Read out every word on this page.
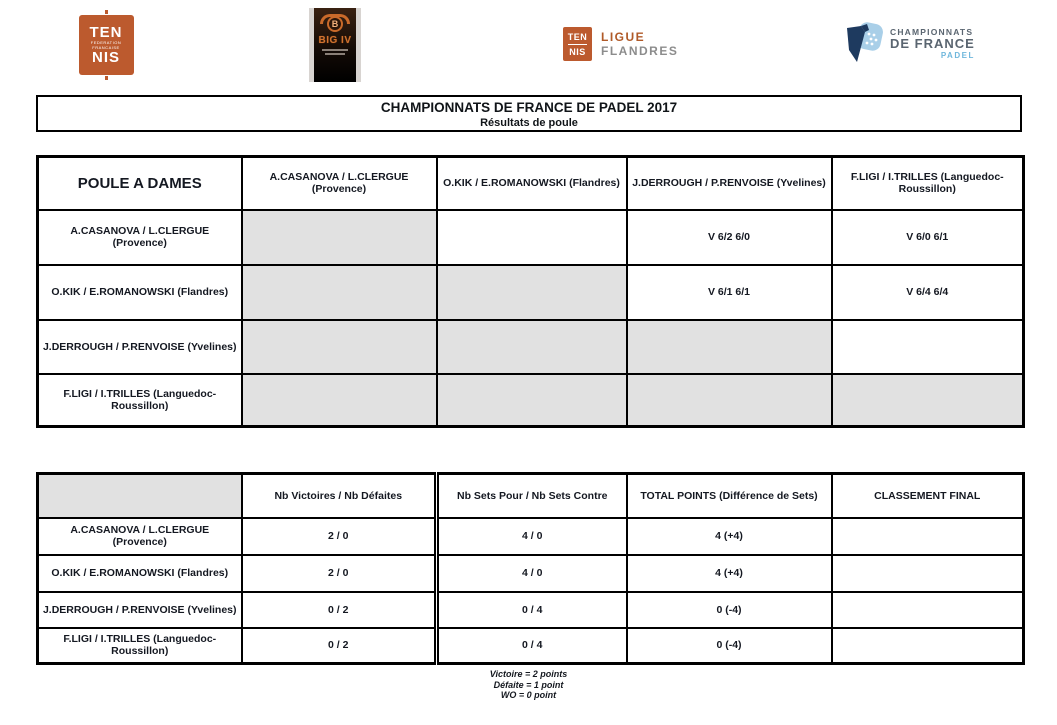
TEN
FEDERATION
FRANCAISE
NIS
B
BIG IV	TEN
NIS
LIGUE
FLANDRES
CHAMPIONNATS
DE FRANCE
PADEL
CHAMPIONNATS DE FRANCE DE PADEL 2017
Résultats de poule
POULE A DAMES	A.CASANOVA / L.CLERGUE (Provence)	O.KIK / E.ROMANOWSKI (Flandres)	J.DERROUGH / P.RENVOISE (Yvelines)	F.LIGI / I.TRILLES (Languedoc-Roussillon)
A.CASANOVA / L.CLERGUE (Provence)			V 6/2 6/0	V 6/0 6/1
O.KIK / E.ROMANOWSKI (Flandres)			V 6/1 6/1	V 6/4 6/4
J.DERROUGH / P.RENVOISE (Yvelines)				
F.LIGI / I.TRILLES (Languedoc-Roussillon)				
	Nb Victoires / Nb Défaites	Nb Sets Pour / Nb Sets Contre	TOTAL POINTS (Différence de Sets)	CLASSEMENT FINAL
A.CASANOVA / L.CLERGUE (Provence)	2 / 0	4 / 0	4 (+4)	
O.KIK / E.ROMANOWSKI (Flandres)	2 / 0	4 / 0	4 (+4)	
J.DERROUGH / P.RENVOISE (Yvelines)	0 / 2	0 / 4	0 (-4)	
F.LIGI / I.TRILLES (Languedoc-Roussillon)	0 / 2	0 / 4	0 (-4)	
Victoire = 2 points
Défaite = 1 point
WO = 0 point
